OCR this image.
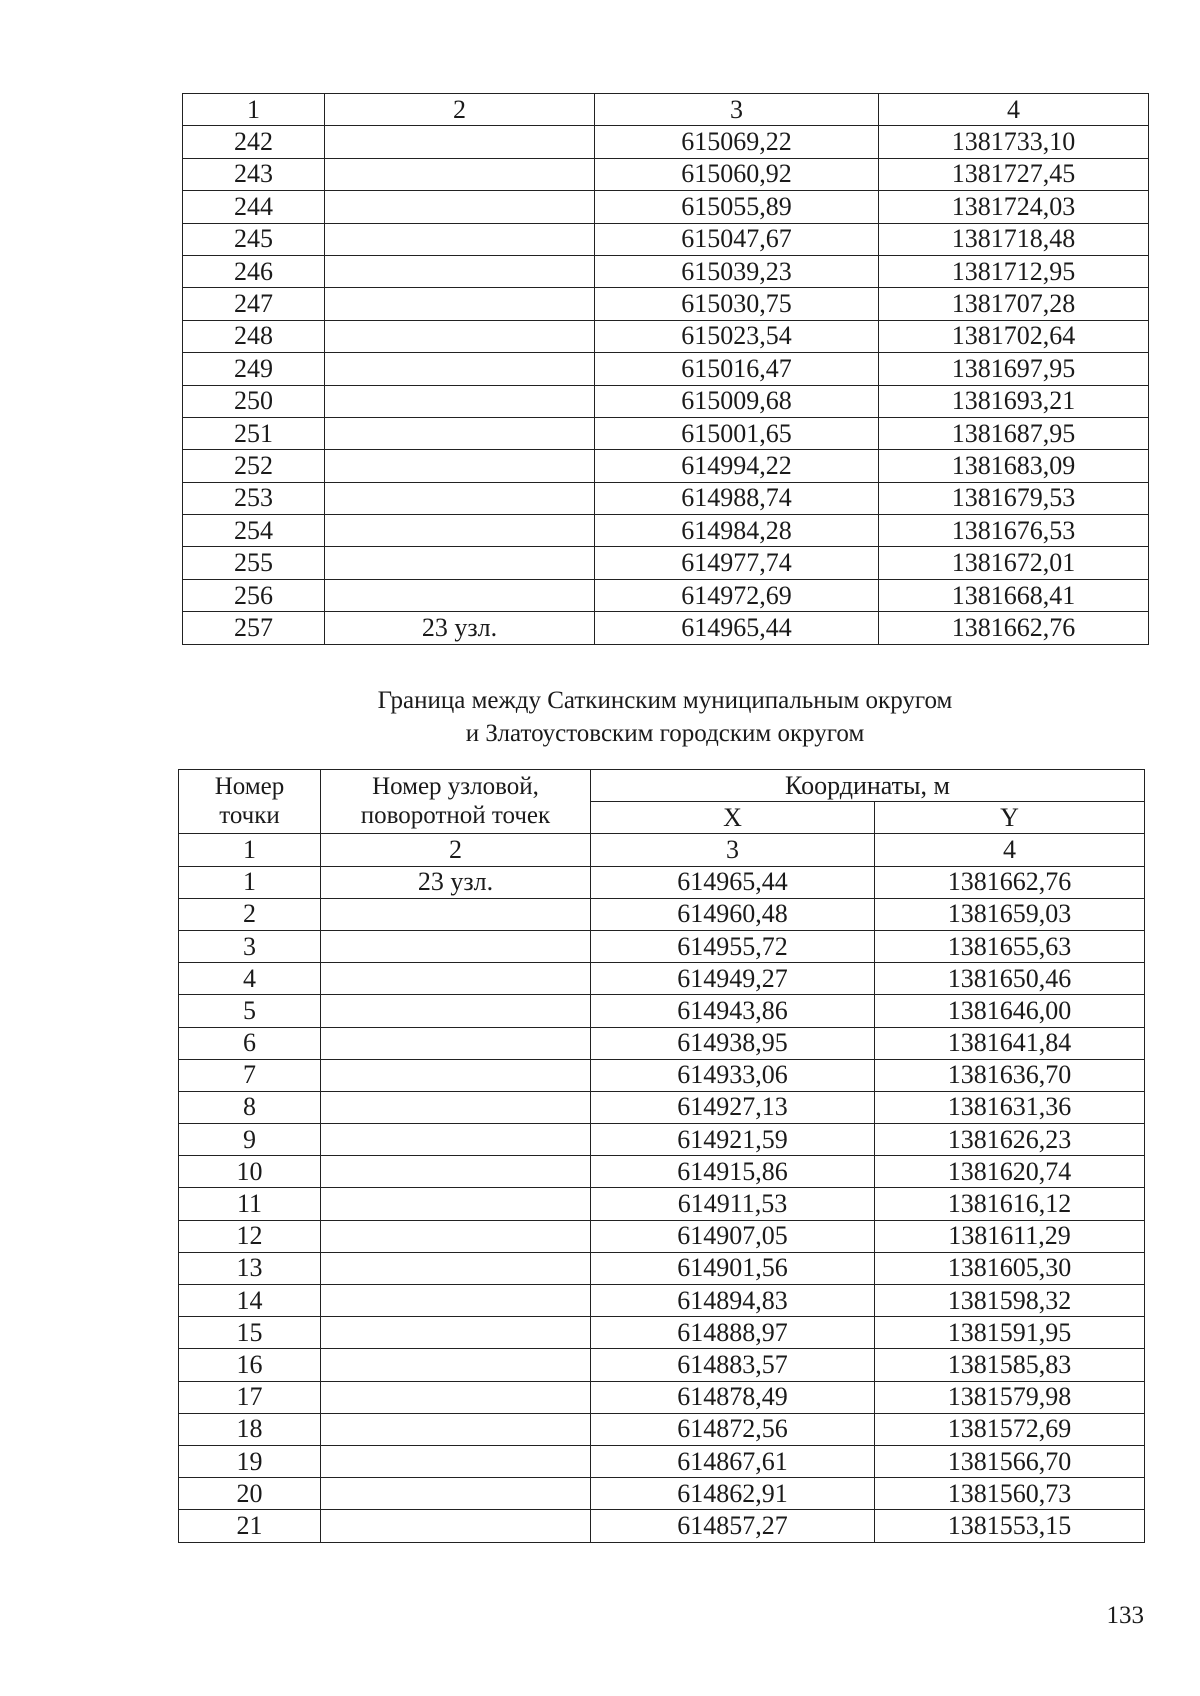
1	2	3	4
242		615069,22	1381733,10
243		615060,92	1381727,45
244		615055,89	1381724,03
245		615047,67	1381718,48
246		615039,23	1381712,95
247		615030,75	1381707,28
248		615023,54	1381702,64
249		615016,47	1381697,95
250		615009,68	1381693,21
251		615001,65	1381687,95
252		614994,22	1381683,09
253		614988,74	1381679,53
254		614984,28	1381676,53
255		614977,74	1381672,01
256		614972,69	1381668,41
257	23 узл.	614965,44	1381662,76
Граница между Саткинским муниципальным округом
и Златоустовским городским округом
Номер точки	Номер узловой, поворотной точек	Координаты, м	
		X	Y
1	2	3	4
1	23 узл.	614965,44	1381662,76
2		614960,48	1381659,03
3		614955,72	1381655,63
4		614949,27	1381650,46
5		614943,86	1381646,00
6		614938,95	1381641,84
7		614933,06	1381636,70
8		614927,13	1381631,36
9		614921,59	1381626,23
10		614915,86	1381620,74
11		614911,53	1381616,12
12		614907,05	1381611,29
13		614901,56	1381605,30
14		614894,83	1381598,32
15		614888,97	1381591,95
16		614883,57	1381585,83
17		614878,49	1381579,98
18		614872,56	1381572,69
19		614867,61	1381566,70
20		614862,91	1381560,73
21		614857,27	1381553,15
133
